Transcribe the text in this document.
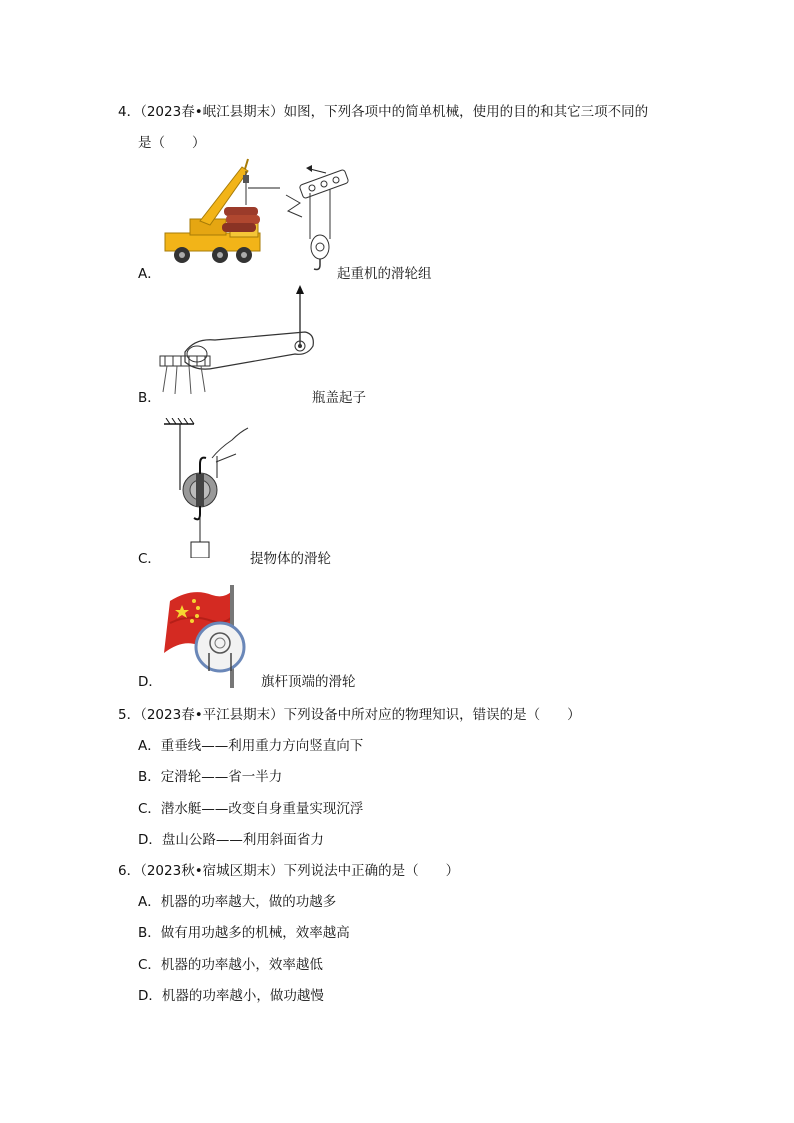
4．（2023春•岷江县期末）如图，下列各项中的简单机械，使用的目的和其它三项不同的
是（　　）
A．	起重机的滑轮组
B．	瓶盖起子
C．	提物体的滑轮
D．	旗杆顶端的滑轮
5．（2023春•平江县期末）下列设备中所对应的物理知识，错误的是（　　）
A．重垂线——利用重力方向竖直向下
B．定滑轮——省一半力
C．潜水艇——改变自身重量实现沉浮
D．盘山公路——利用斜面省力
6．（2023秋•宿城区期末）下列说法中正确的是（　　）
A．机器的功率越大，做的功越多
B．做有用功越多的机械，效率越高
C．机器的功率越小，效率越低
D．机器的功率越小，做功越慢
